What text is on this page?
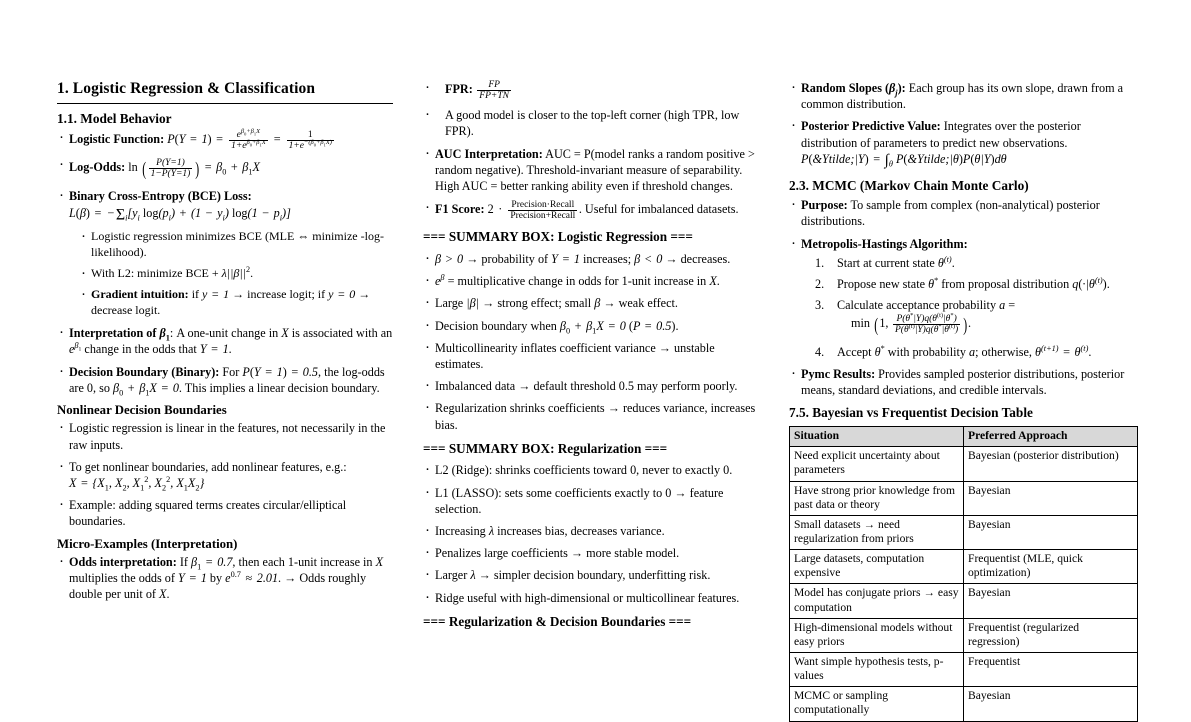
1. Logistic Regression & Classification
1.1. Model Behavior
· Logistic Function: $P(Y = 1) = \frac{e^{\beta_0+\beta_1X}}{1+e^{\beta_0+\beta_1X}} = \frac{1}{1+e^{-(\beta_0+\beta_1X)}}$
· Log-Odds: ln ( $\frac{P(Y=1)}{1-P(Y=1)}$ ) = $\beta_0 + \beta_1X$
· Binary Cross-Entropy (BCE) Loss: $L(\beta) = -\Sigma_i[y_i$ $\log(p_i) + (1 - y_i) \log(1 - p_i)$]
· Logistic regression minimizes BCE (MLE ⇔ minimize -log-likelihood).
· With L2: minimize BCE + $\lambda||\beta||^2$.
· Gradient intuition: if y = 1 → increase logit; if y = 0 → decrease logit.
· Interpretation of $\beta_1$: A one-unit change in X is associated with an $e^{\beta_1}$ change in the odds that Y = 1.
· Decision Boundary (Binary): For P(Y = 1) = 0.5, the log-odds are 0, so $\beta_0 + \beta_1X = 0$. This implies a linear decision boundary.
Nonlinear Decision Boundaries
· Logistic regression is linear in the features, not necessarily in the raw inputs.
· To get nonlinear boundaries, add nonlinear features, e.g.:
$X = \{X_1$, $X_2$, $X_1^2$, $X_2^2$, $X_1X_2$}
· Example: adding squared terms creates circular/elliptical boundaries.
Micro-Examples (Interpretation)
· Odds interpretation: If $\beta_1 = 0.7$, then each 1-unit increase in X multiplies the odds of Y = 1 by $e^{0.7} \approx 2.01$. → Odds roughly double per unit of X.
· FPR: $\frac{FP}{FP+TN}$
· A good model is closer to the top-left corner (high TPR, low FPR).
· AUC Interpretation: AUC = P(model ranks a random positive > random negative). Threshold-invariant measure of separability. High AUC = better ranking ability even if threshold changes.
· F1 Score: $2 \cdot \frac{\text{Precision·Recall}}{\text{Precision+Recall}}$ . Useful for imbalanced datasets.
=== SUMMARY BOX: Logistic Regression ===
· β > 0 → probability of Y = 1 increases; β < 0 → decreases.
· $e^\beta$ = multiplicative change in odds for 1-unit increase in X.
· Large |β| → strong effect; small β → weak effect.
· Decision boundary when $\beta_0 + \beta_1X = 0$ (P = 0.5).
· Multicollinearity inflates coefficient variance → unstable estimates.
· Imbalanced data → default threshold 0.5 may perform poorly.
· Regularization shrinks coefficients → reduces variance, increases bias.
=== SUMMARY BOX: Regularization ===
· L2 (Ridge): shrinks coefficients toward 0, never to exactly 0.
· L1 (LASSO): sets some coefficients exactly to 0 → feature selection.
· Increasing λ increases bias, decreases variance.
· Penalizes large coefficients → more stable model.
· Larger λ → simpler decision boundary, underfitting risk.
· Ridge useful with high-dimensional or multicollinear features.
=== Regularization & Decision Boundaries ===
· Random Slopes $(\beta_j)$: Each group has its own slope, drawn from a common distribution.
· Posterior Predictive Value: Integrates over the posterior distribution of parameters to predict new observations.
P(&Ytilde;|Y) = $\int_\theta$ P(&Ytilde;|θ)P(θ|Y)dθ
2.3. MCMC (Markov Chain Monte Carlo)
· Purpose: To sample from complex (non-analytical) posterior distributions.
· Metropolis-Hastings Algorithm:
Start at current state $\theta^{(t)}$.
Propose new state θ* from proposal distribution $q(\cdot|\theta^{(t)})$.
Calculate acceptance probability a =
min (1, $\frac{P(\theta^*|Y)q(\theta^{(t)}|\theta^*)}{P(\theta^{(t)}|Y)q(\theta^*|\theta^{(t)})}$ ).
Accept θ* with probability a; otherwise, $\theta^{(t+1)} = \theta^{(t)}$.
· Pymc Results: Provides sampled posterior distributions, posterior means, standard deviations, and credible intervals.
7.5. Bayesian vs Frequentist Decision Table
Situation	Preferred Approach
Need explicit uncertainty about parameters	Bayesian (posterior distribution)
Have strong prior knowledge from past data or theory	Bayesian
Small datasets → need regularization from priors	Bayesian
Large datasets, computation expensive	Frequentist (MLE, quick optimization)
Model has conjugate priors → easy computation	Bayesian
High-dimensional models without easy priors	Frequentist (regularized regression)
Want simple hypothesis tests, p-values	Frequentist
MCMC or sampling computationally	Bayesian
